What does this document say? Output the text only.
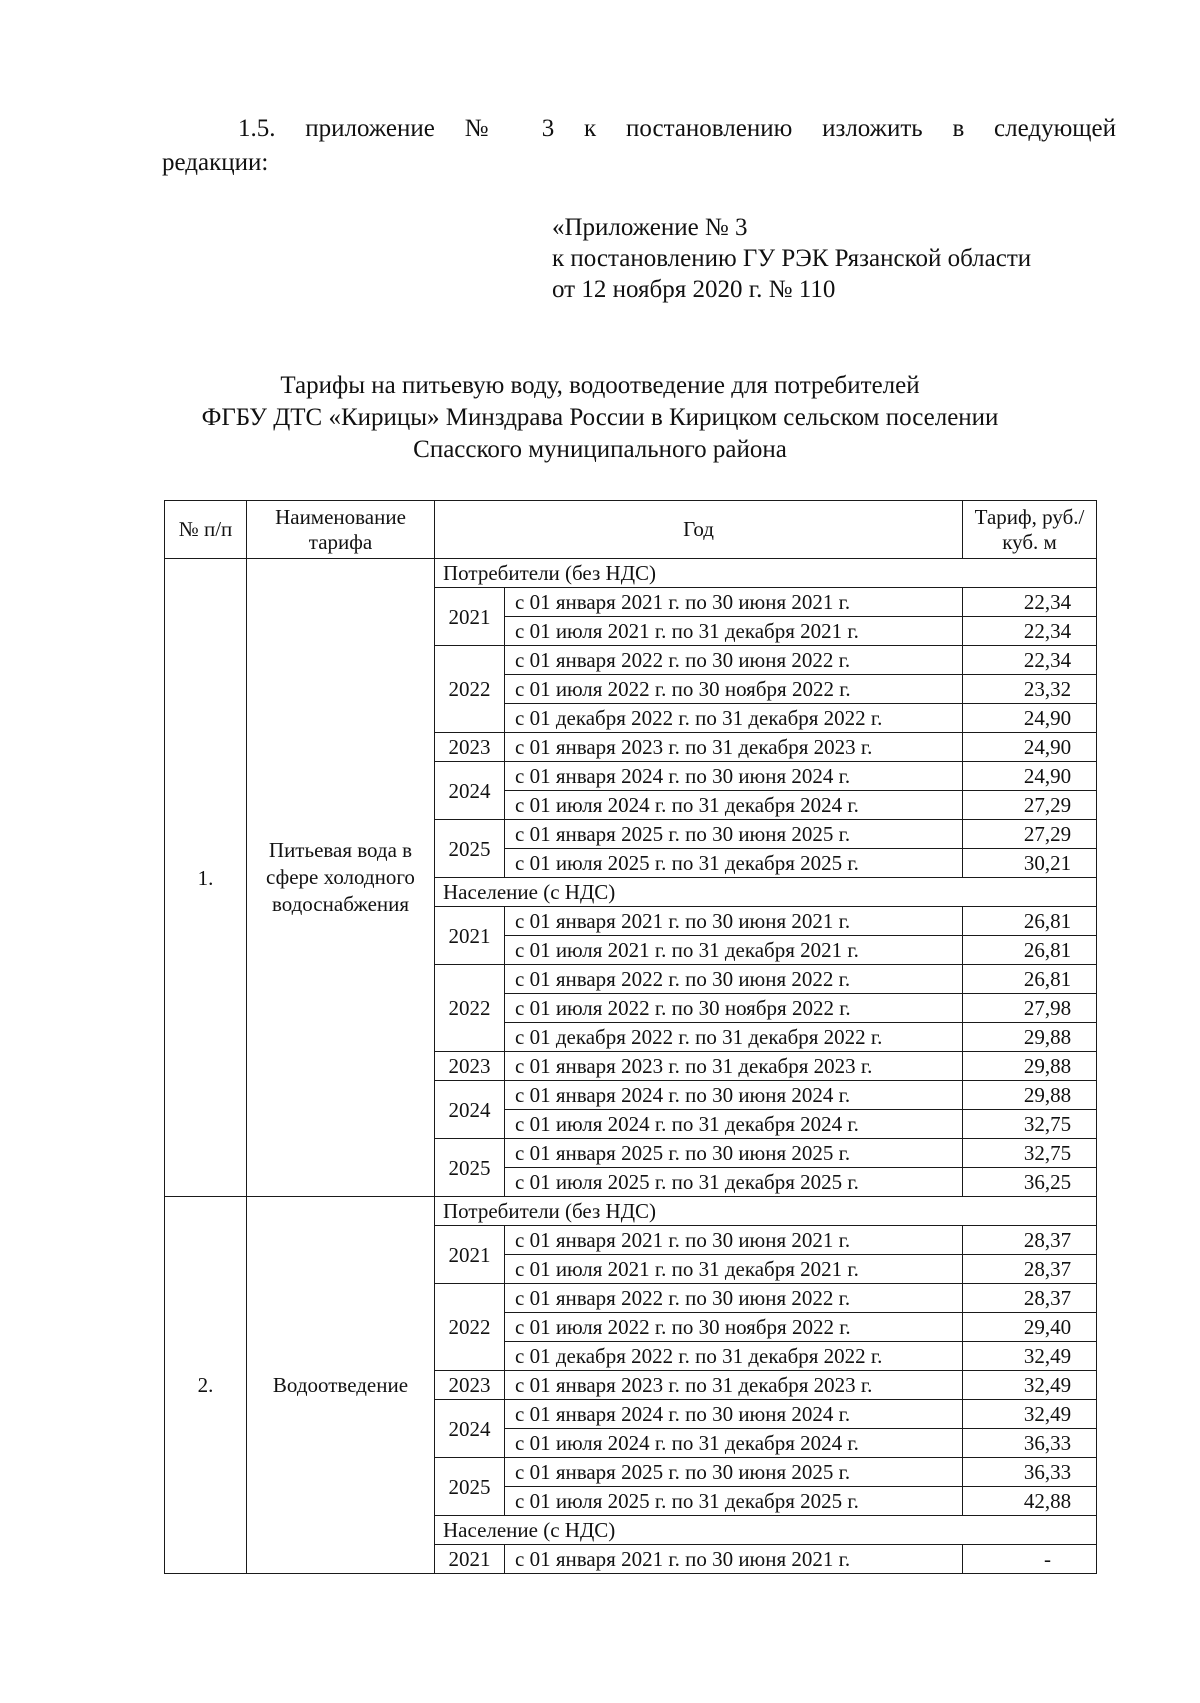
1.5. приложение № 3 к постановлению изложить в следующей
редакции:

«Приложение № 3
к постановлению ГУ РЭК Рязанской области
от 12 ноября 2020 г. № 110
Тарифы на питьевую воду, водоотведение для потребителей
ФГБУ ДТС «Кирицы» Минздрава России в Кирицком сельском поселении
Спасского муниципального района
№ п/п	Наименование тарифа	Год		Тариф, руб./куб. м
1.	Питьевая вода в сфере холодного водоснабжения	Потребители (без НДС)		
		2021	с 01 января 2021 г. по 30 июня 2021 г.	22,34
			с 01 июля 2021 г. по 31 декабря 2021 г.	22,34
		2022	с 01 января 2022 г. по 30 июня 2022 г.	22,34
			с 01 июля 2022 г. по 30 ноября 2022 г.	23,32
			с 01 декабря 2022 г. по 31 декабря 2022 г.	24,90
		2023	с 01 января 2023 г. по 31 декабря 2023 г.	24,90
		2024	с 01 января 2024 г. по 30 июня 2024 г.	24,90
			с 01 июля 2024 г. по 31 декабря 2024 г.	27,29
		2025	с 01 января 2025 г. по 30 июня 2025 г.	27,29
			с 01 июля 2025 г. по 31 декабря 2025 г.	30,21
		Население (с НДС)		
		2021	с 01 января 2021 г. по 30 июня 2021 г.	26,81
			с 01 июля 2021 г. по 31 декабря 2021 г.	26,81
		2022	с 01 января 2022 г. по 30 июня 2022 г.	26,81
			с 01 июля 2022 г. по 30 ноября 2022 г.	27,98
			с 01 декабря 2022 г. по 31 декабря 2022 г.	29,88
		2023	с 01 января 2023 г. по 31 декабря 2023 г.	29,88
		2024	с 01 января 2024 г. по 30 июня 2024 г.	29,88
			с 01 июля 2024 г. по 31 декабря 2024 г.	32,75
		2025	с 01 января 2025 г. по 30 июня 2025 г.	32,75
			с 01 июля 2025 г. по 31 декабря 2025 г.	36,25
2.	Водоотведение	Потребители (без НДС)		
		2021	с 01 января 2021 г. по 30 июня 2021 г.	28,37
			с 01 июля 2021 г. по 31 декабря 2021 г.	28,37
		2022	с 01 января 2022 г. по 30 июня 2022 г.	28,37
			с 01 июля 2022 г. по 30 ноября 2022 г.	29,40
			с 01 декабря 2022 г. по 31 декабря 2022 г.	32,49
		2023	с 01 января 2023 г. по 31 декабря 2023 г.	32,49
		2024	с 01 января 2024 г. по 30 июня 2024 г.	32,49
			с 01 июля 2024 г. по 31 декабря 2024 г.	36,33
		2025	с 01 января 2025 г. по 30 июня 2025 г.	36,33
			с 01 июля 2025 г. по 31 декабря 2025 г.	42,88
		Население (с НДС)		
		2021	с 01 января 2021 г. по 30 июня 2021 г.	-
